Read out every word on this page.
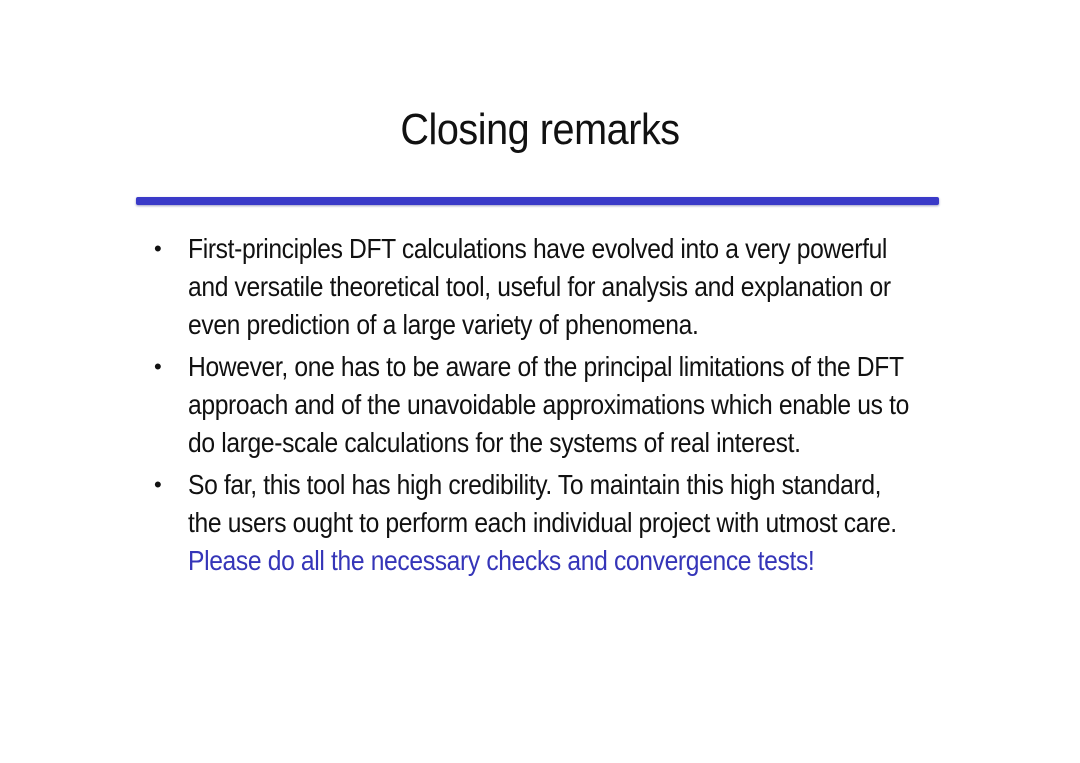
Closing remarks
• First-principles DFT calculations have evolved into a very powerful and versatile theoretical tool, useful for analysis and explanation or even prediction of a large variety of phenomena.
• However, one has to be aware of the principal limitations of the DFT approach and of the unavoidable approximations which enable us to do large-scale calculations for the systems of real interest.
• So far, this tool has high credibility. To maintain this high standard, the users ought to perform each individual project with utmost care. Please do all the necessary checks and convergence tests!
